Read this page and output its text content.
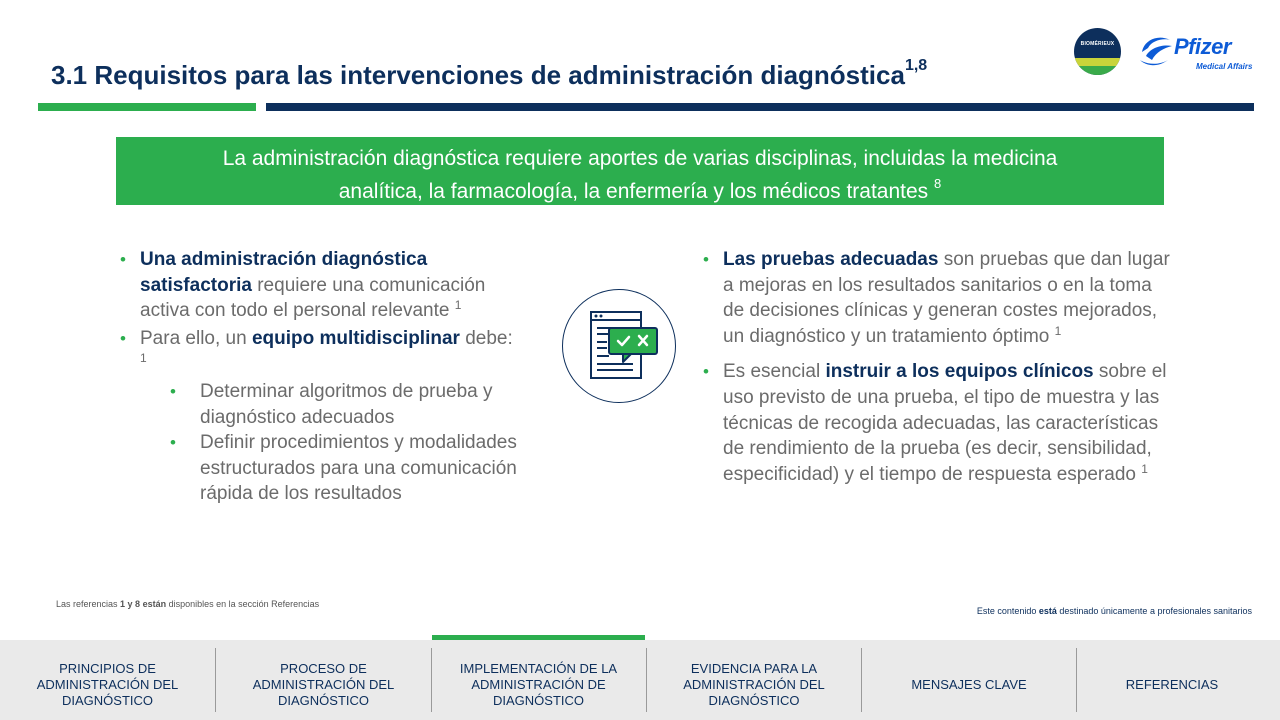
3.1 Requisitos para las intervenciones de administración diagnóstica$^{1,8}$
BIOMÉRIEUX	Pfizer
Medical Affairs
La administración diagnóstica requiere aportes de varias disciplinas, incluidas la medicina
analítica, la farmacología, la enfermería y los médicos tratantes $^8$
• Una administración diagnóstica satisfactoria requiere una comunicación activa con todo el personal relevante $^1$
• Para ello, un equipo multidisciplinar debe: $^1$
• Determinar algoritmos de prueba y diagnóstico adecuados
• Definir procedimientos y modalidades estructurados para una comunicación rápida de los resultados
• Las pruebas adecuadas son pruebas que dan lugar a mejoras en los resultados sanitarios o en la toma de decisiones clínicas y generan costes mejorados, un diagnóstico y un tratamiento óptimo $^1$
• Es esencial instruir a los equipos clínicos sobre el uso previsto de una prueba, el tipo de muestra y las técnicas de recogida adecuadas, las características de rendimiento de la prueba (es decir, sensibilidad, especificidad) y el tiempo de respuesta esperado $^1$
Las referencias 1 y 8 están disponibles en la sección Referencias
Este contenido está destinado únicamente a profesionales sanitarios
PRINCIPIOS DE
ADMINISTRACIÓN DEL
DIAGNÓSTICO
PROCESO DE
ADMINISTRACIÓN DEL
DIAGNÓSTICO
IMPLEMENTACIÓN DE LA
ADMINISTRACIÓN DE
DIAGNÓSTICO
EVIDENCIA PARA LA
ADMINISTRACIÓN DEL
DIAGNÓSTICO
MENSAJES CLAVE	REFERENCIAS
